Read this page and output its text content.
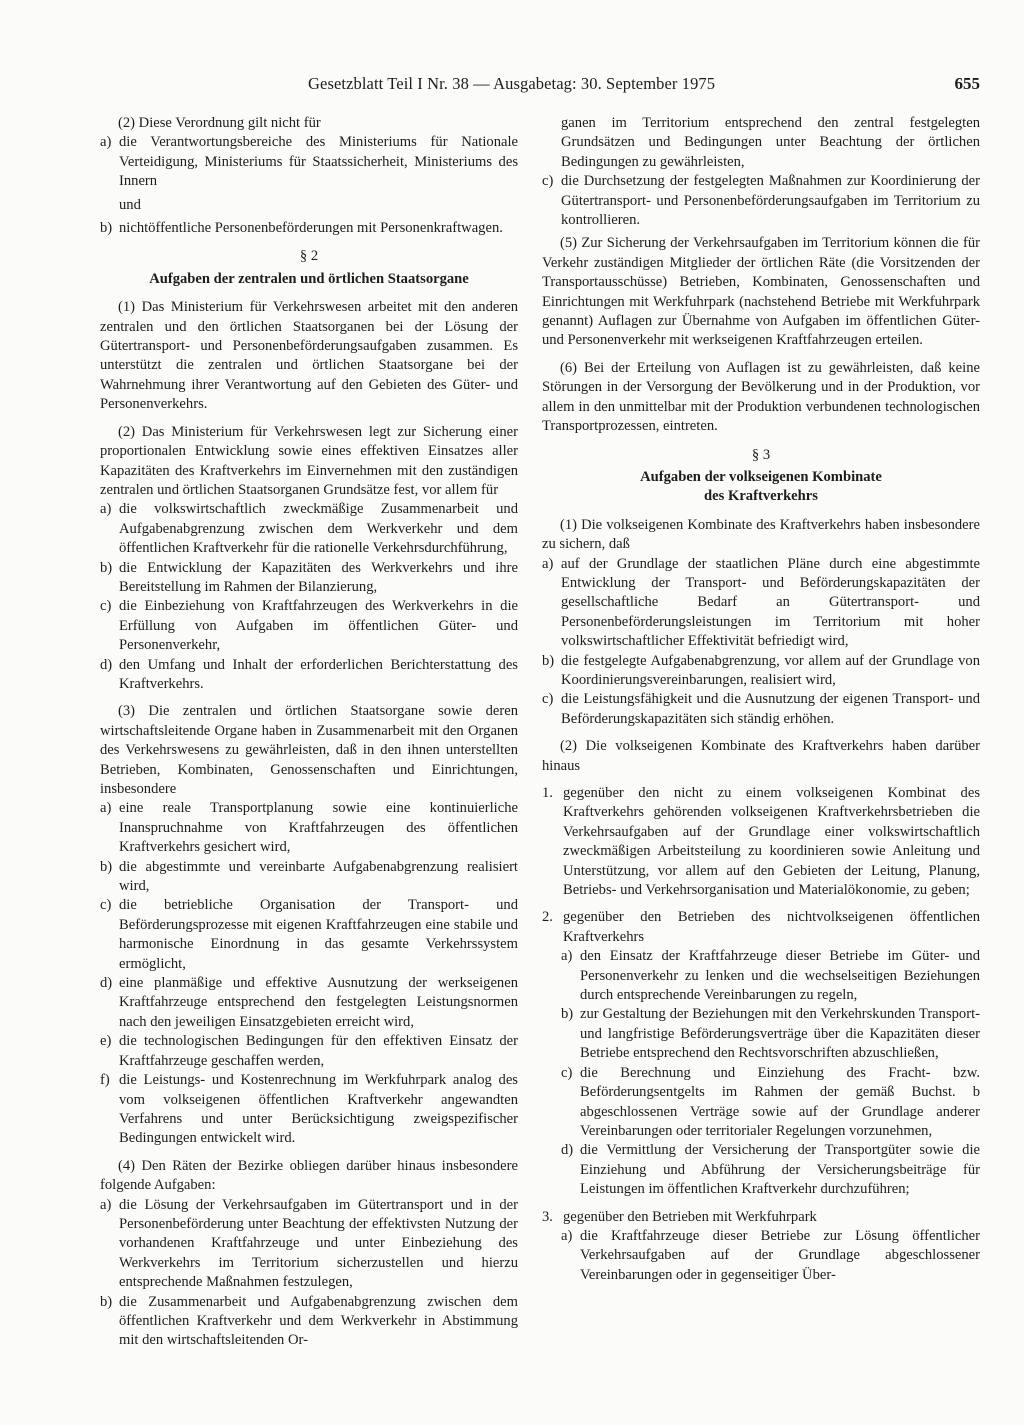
Gesetzblatt Teil I Nr. 38 — Ausgabetag: 30. September 1975	655

(2) Diese Verordnung gilt nicht für

a) die Verantwortungsbereiche des Ministeriums für Nationale Verteidigung, Ministeriums für Staatssicherheit, Ministeriums des Innern

und

b) nichtöffentliche Personenbeförderungen mit Personenkraftwagen.

§ 2

Aufgaben der zentralen und örtlichen Staatsorgane

(1) Das Ministerium für Verkehrswesen arbeitet mit den anderen zentralen und den örtlichen Staatsorganen bei der Lösung der Gütertransport- und Personenbeförderungsaufgaben zusammen. Es unterstützt die zentralen und örtlichen Staatsorgane bei der Wahrnehmung ihrer Verantwortung auf den Gebieten des Güter- und Personenverkehrs.

(2) Das Ministerium für Verkehrswesen legt zur Sicherung einer proportionalen Entwicklung sowie eines effektiven Einsatzes aller Kapazitäten des Kraftverkehrs im Einvernehmen mit den zuständigen zentralen und örtlichen Staatsorganen Grundsätze fest, vor allem für

a) die volkswirtschaftlich zweckmäßige Zusammenarbeit und Aufgabenabgrenzung zwischen dem Werkverkehr und dem öffentlichen Kraftverkehr für die rationelle Verkehrsdurchführung,

b) die Entwicklung der Kapazitäten des Werkverkehrs und ihre Bereitstellung im Rahmen der Bilanzierung,

c) die Einbeziehung von Kraftfahrzeugen des Werkverkehrs in die Erfüllung von Aufgaben im öffentlichen Güter- und Personenverkehr,

d) den Umfang und Inhalt der erforderlichen Berichterstattung des Kraftverkehrs.

(3) Die zentralen und örtlichen Staatsorgane sowie deren wirtschaftsleitende Organe haben in Zusammenarbeit mit den Organen des Verkehrswesens zu gewährleisten, daß in den ihnen unterstellten Betrieben, Kombinaten, Genossenschaften und Einrichtungen, insbesondere

a) eine reale Transportplanung sowie eine kontinuierliche Inanspruchnahme von Kraftfahrzeugen des öffentlichen Kraftverkehrs gesichert wird,

b) die abgestimmte und vereinbarte Aufgabenabgrenzung realisiert wird,

c) die betriebliche Organisation der Transport- und Beförderungsprozesse mit eigenen Kraftfahrzeugen eine stabile und harmonische Einordnung in das gesamte Verkehrssystem ermöglicht,

d) eine planmäßige und effektive Ausnutzung der werkseigenen Kraftfahrzeuge entsprechend den festgelegten Leistungsnormen nach den jeweiligen Einsatzgebieten erreicht wird,

e) die technologischen Bedingungen für den effektiven Einsatz der Kraftfahrzeuge geschaffen werden,

f) die Leistungs- und Kostenrechnung im Werkfuhrpark analog des vom volkseigenen öffentlichen Kraftverkehr angewandten Verfahrens und unter Berücksichtigung zweigspezifischer Bedingungen entwickelt wird.

(4) Den Räten der Bezirke obliegen darüber hinaus insbesondere folgende Aufgaben:

a) die Lösung der Verkehrsaufgaben im Gütertransport und in der Personenbeförderung unter Beachtung der effektivsten Nutzung der vorhandenen Kraftfahrzeuge und unter Einbeziehung des Werkverkehrs im Territorium sicherzustellen und hierzu entsprechende Maßnahmen festzulegen,

b) die Zusammenarbeit und Aufgabenabgrenzung zwischen dem öffentlichen Kraftverkehr und dem Werkverkehr in Abstimmung mit den wirtschaftsleitenden Or-

ganen im Territorium entsprechend den zentral festgelegten Grundsätzen und Bedingungen unter Beachtung der örtlichen Bedingungen zu gewährleisten,

c) die Durchsetzung der festgelegten Maßnahmen zur Koordinierung der Gütertransport- und Personenbeförderungsaufgaben im Territorium zu kontrollieren.

(5) Zur Sicherung der Verkehrsaufgaben im Territorium können die für Verkehr zuständigen Mitglieder der örtlichen Räte (die Vorsitzenden der Transportausschüsse) Betrieben, Kombinaten, Genossenschaften und Einrichtungen mit Werkfuhrpark (nachstehend Betriebe mit Werkfuhrpark genannt) Auflagen zur Übernahme von Aufgaben im öffentlichen Güter- und Personenverkehr mit werkseigenen Kraftfahrzeugen erteilen.

(6) Bei der Erteilung von Auflagen ist zu gewährleisten, daß keine Störungen in der Versorgung der Bevölkerung und in der Produktion, vor allem in den unmittelbar mit der Produktion verbundenen technologischen Transportprozessen, eintreten.

§ 3

Aufgaben der volkseigenen Kombinate
des Kraftverkehrs

(1) Die volkseigenen Kombinate des Kraftverkehrs haben insbesondere zu sichern, daß

a) auf der Grundlage der staatlichen Pläne durch eine abgestimmte Entwicklung der Transport- und Beförderungskapazitäten der gesellschaftliche Bedarf an Gütertransport- und Personenbeförderungsleistungen im Territorium mit hoher volkswirtschaftlicher Effektivität befriedigt wird,

b) die festgelegte Aufgabenabgrenzung, vor allem auf der Grundlage von Koordinierungsvereinbarungen, realisiert wird,

c) die Leistungsfähigkeit und die Ausnutzung der eigenen Transport- und Beförderungskapazitäten sich ständig erhöhen.

(2) Die volkseigenen Kombinate des Kraftverkehrs haben darüber hinaus

1. gegenüber den nicht zu einem volkseigenen Kombinat des Kraftverkehrs gehörenden volkseigenen Kraftverkehrsbetrieben die Verkehrsaufgaben auf der Grundlage einer volkswirtschaftlich zweckmäßigen Arbeitsteilung zu koordinieren sowie Anleitung und Unterstützung, vor allem auf den Gebieten der Leitung, Planung, Betriebs- und Verkehrsorganisation und Materialökonomie, zu geben;

2. gegenüber den Betrieben des nichtvolkseigenen öffentlichen Kraftverkehrs

a) den Einsatz der Kraftfahrzeuge dieser Betriebe im Güter- und Personenverkehr zu lenken und die wechselseitigen Beziehungen durch entsprechende Vereinbarungen zu regeln,

b) zur Gestaltung der Beziehungen mit den Verkehrskunden Transport- und langfristige Beförderungsverträge über die Kapazitäten dieser Betriebe entsprechend den Rechtsvorschriften abzuschließen,

c) die Berechnung und Einziehung des Fracht- bzw. Beförderungsentgelts im Rahmen der gemäß Buchst. b abgeschlossenen Verträge sowie auf der Grundlage anderer Vereinbarungen oder territorialer Regelungen vorzunehmen,

d) die Vermittlung der Versicherung der Transportgüter sowie die Einziehung und Abführung der Versicherungsbeiträge für Leistungen im öffentlichen Kraftverkehr durchzuführen;

3. gegenüber den Betrieben mit Werkfuhrpark

a) die Kraftfahrzeuge dieser Betriebe zur Lösung öffentlicher Verkehrsaufgaben auf der Grundlage abgeschlossener Vereinbarungen oder in gegenseitiger Über-
